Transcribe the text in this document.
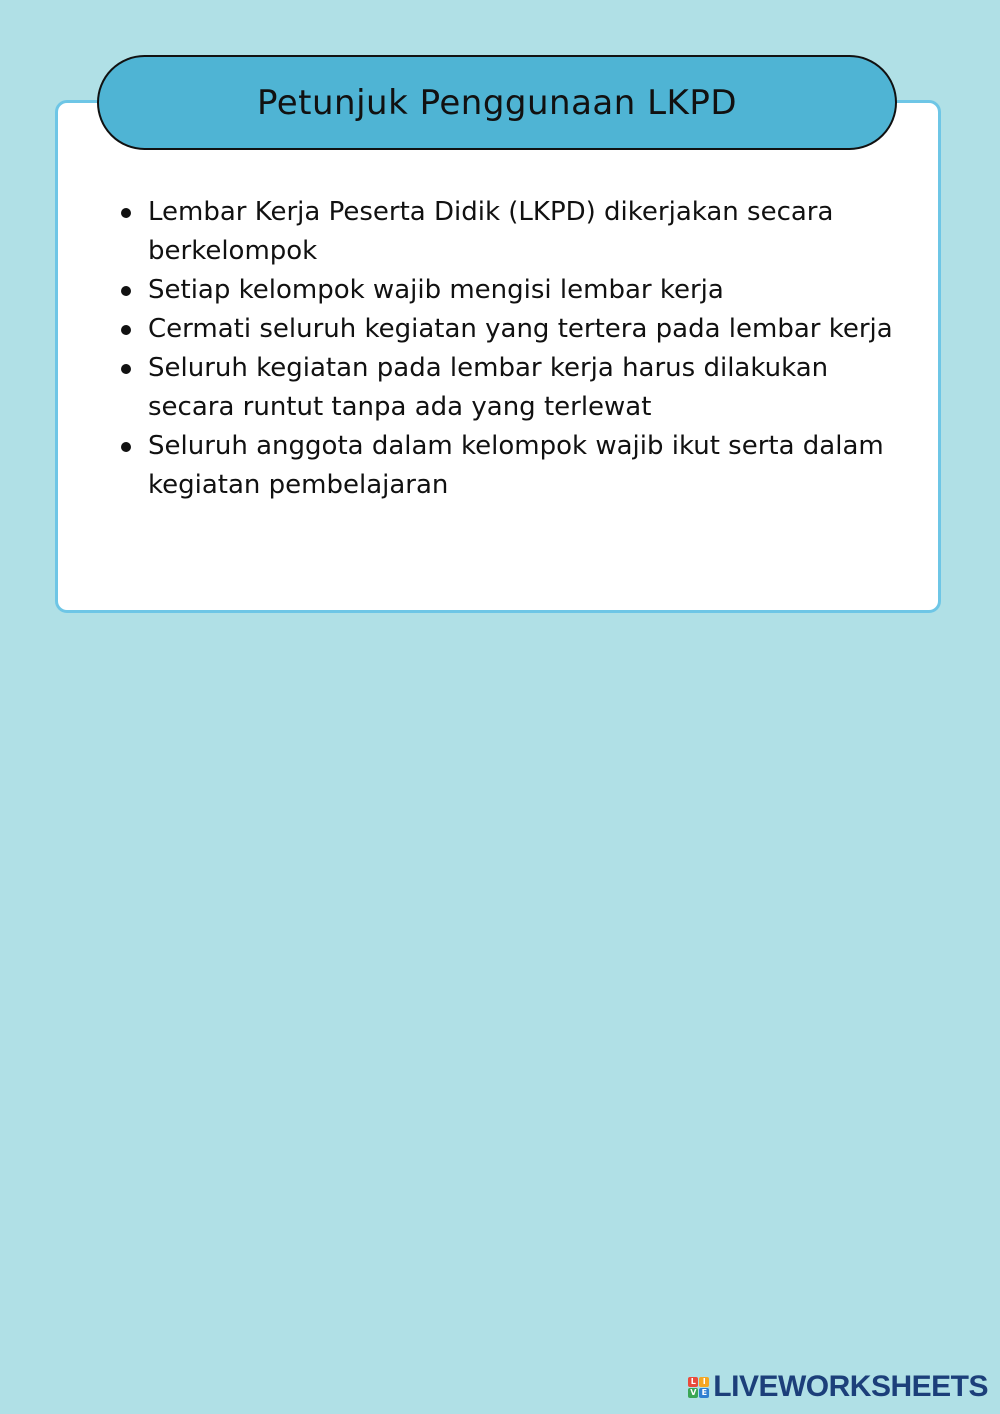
Petunjuk Penggunaan LKPD
Lembar Kerja Peserta Didik (LKPD) dikerjakan secara berkelompok
Setiap kelompok wajib mengisi lembar kerja
Cermati seluruh kegiatan yang tertera pada lembar kerja
Seluruh kegiatan pada lembar kerja harus dilakukan secara runtut tanpa ada yang terlewat
Seluruh anggota dalam kelompok wajib ikut serta dalam kegiatan pembelajaran
L I
V E LIVEWORKSHEETS
